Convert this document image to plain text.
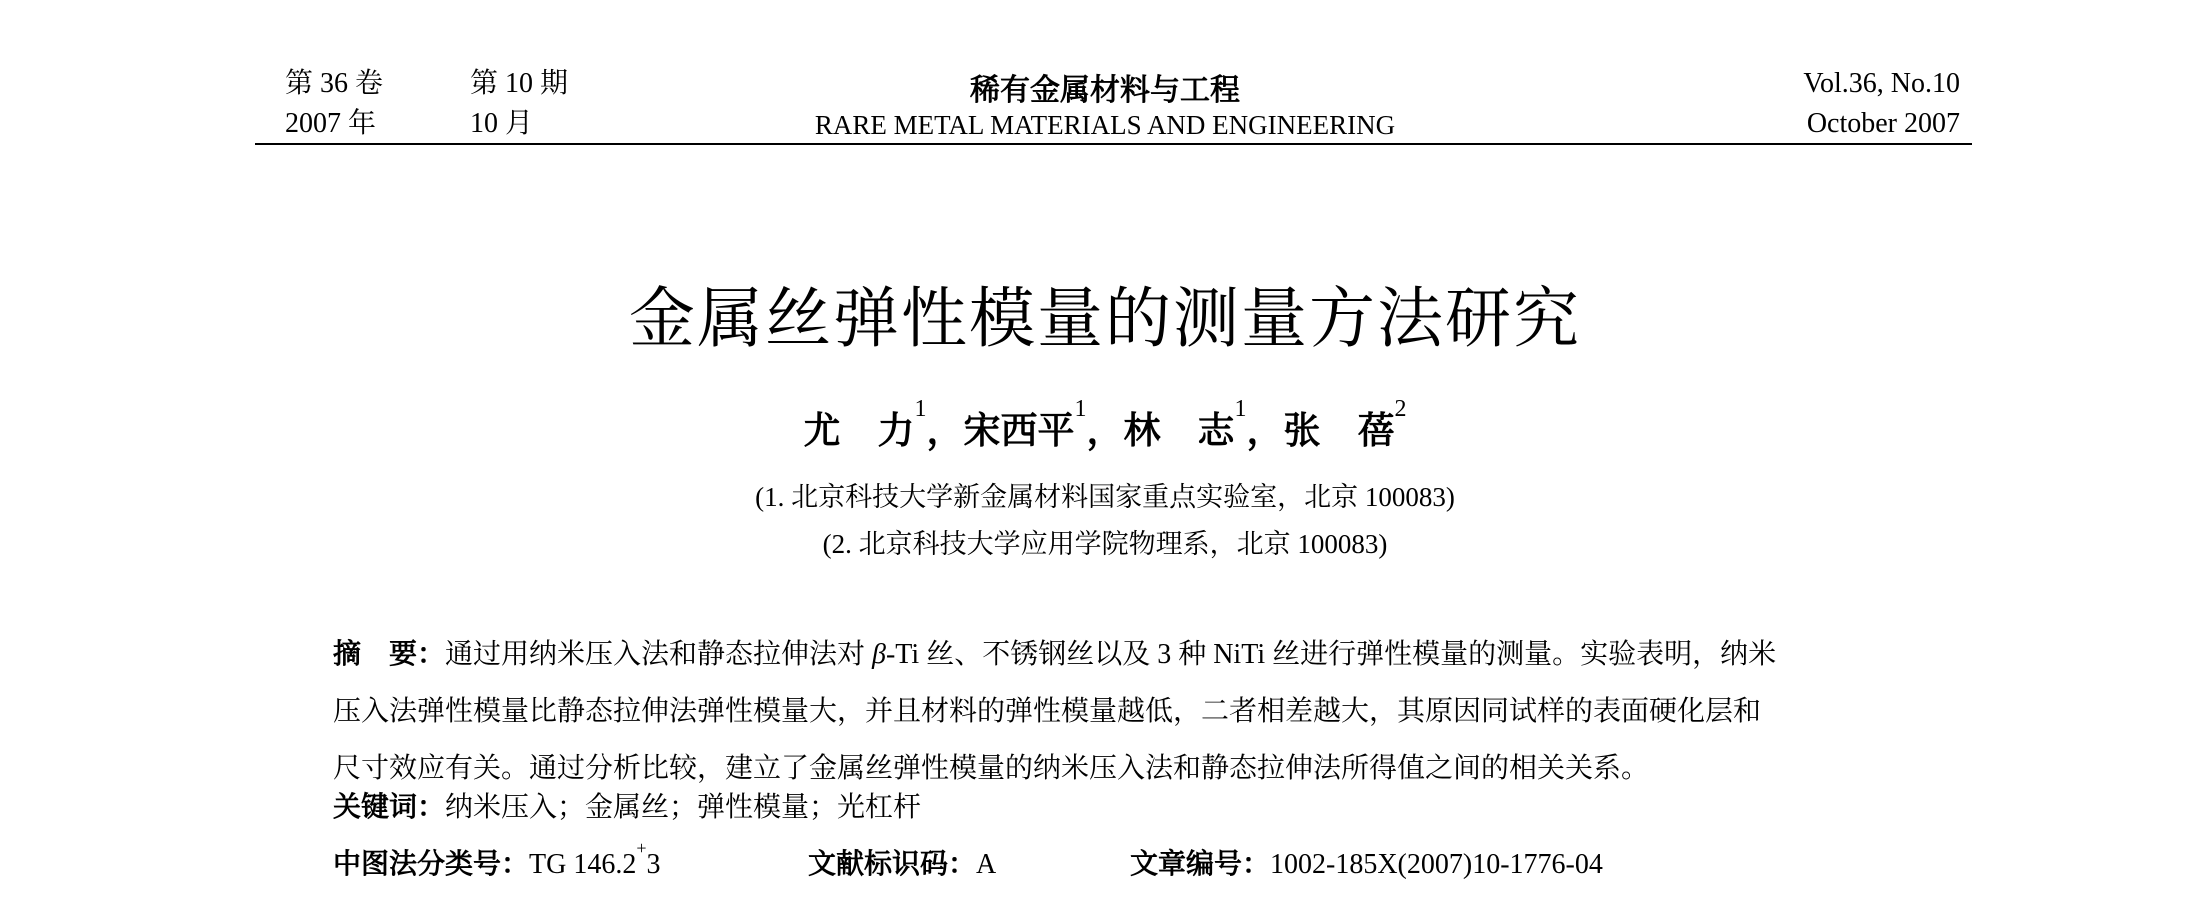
第 36 卷	第 10 期
2007 年	10 月
稀有金属材料与工程
RARE METAL MATERIALS AND ENGINEERING
Vol.36, No.10
October 2007
金属丝弹性模量的测量方法研究
尤　力$^1$，宋西平$^1$，林　志$^1$，张　蓓$^2$
(1. 北京科技大学新金属材料国家重点实验室，北京 100083)
(2. 北京科技大学应用学院物理系，北京 100083)
摘　要：通过用纳米压入法和静态拉伸法对 β-Ti 丝、不锈钢丝以及 3 种 NiTi 丝进行弹性模量的测量。实验表明，纳米
压入法弹性模量比静态拉伸法弹性模量大，并且材料的弹性模量越低，二者相差越大，其原因同试样的表面硬化层和
尺寸效应有关。通过分析比较，建立了金属丝弹性模量的纳米压入法和静态拉伸法所得值之间的相关关系。
关键词：纳米压入；金属丝；弹性模量；光杠杆
中图法分类号：TG 146.2+3	文献标识码：A	文章编号：1002-185X(2007)10-1776-04
